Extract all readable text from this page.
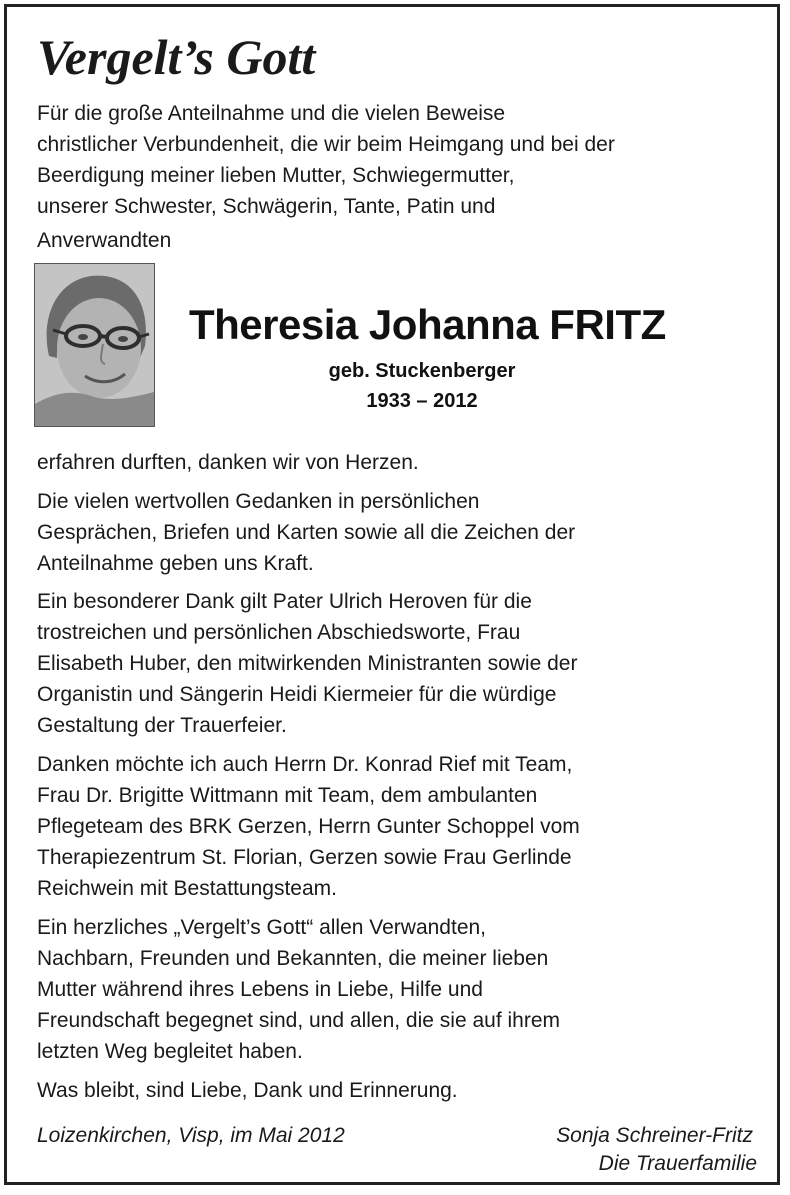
Vergelt’s Gott
Für die große Anteilnahme und die vielen Beweise
christlicher Verbundenheit, die wir beim Heimgang und bei der
Beerdigung meiner lieben Mutter, Schwiegermutter,
unserer Schwester, Schwägerin, Tante, Patin und
Anverwandten
Theresia Johanna FRITZ
geb. Stuckenberger
1933 – 2012
erfahren durften, danken wir von Herzen.
Die vielen wertvollen Gedanken in persönlichen
Gesprächen, Briefen und Karten sowie all die Zeichen der
Anteilnahme geben uns Kraft.
Ein besonderer Dank gilt Pater Ulrich Heroven für die
trostreichen und persönlichen Abschiedsworte, Frau
Elisabeth Huber, den mitwirkenden Ministranten sowie der
Organistin und Sängerin Heidi Kiermeier für die würdige
Gestaltung der Trauerfeier.
Danken möchte ich auch Herrn Dr. Konrad Rief mit Team,
Frau Dr. Brigitte Wittmann mit Team, dem ambulanten
Pflegeteam des BRK Gerzen, Herrn Gunter Schoppel vom
Therapiezentrum St. Florian, Gerzen sowie Frau Gerlinde
Reichwein mit Bestattungsteam.
Ein herzliches „Vergelt’s Gott“ allen Verwandten,
Nachbarn, Freunden und Bekannten, die meiner lieben
Mutter während ihres Lebens in Liebe, Hilfe und
Freundschaft begegnet sind, und allen, die sie auf ihrem
letzten Weg begleitet haben.
Was bleibt, sind Liebe, Dank und Erinnerung.
Loizenkirchen, Visp, im Mai 2012	Sonja Schreiner-Fritz
Die Trauerfamilie
